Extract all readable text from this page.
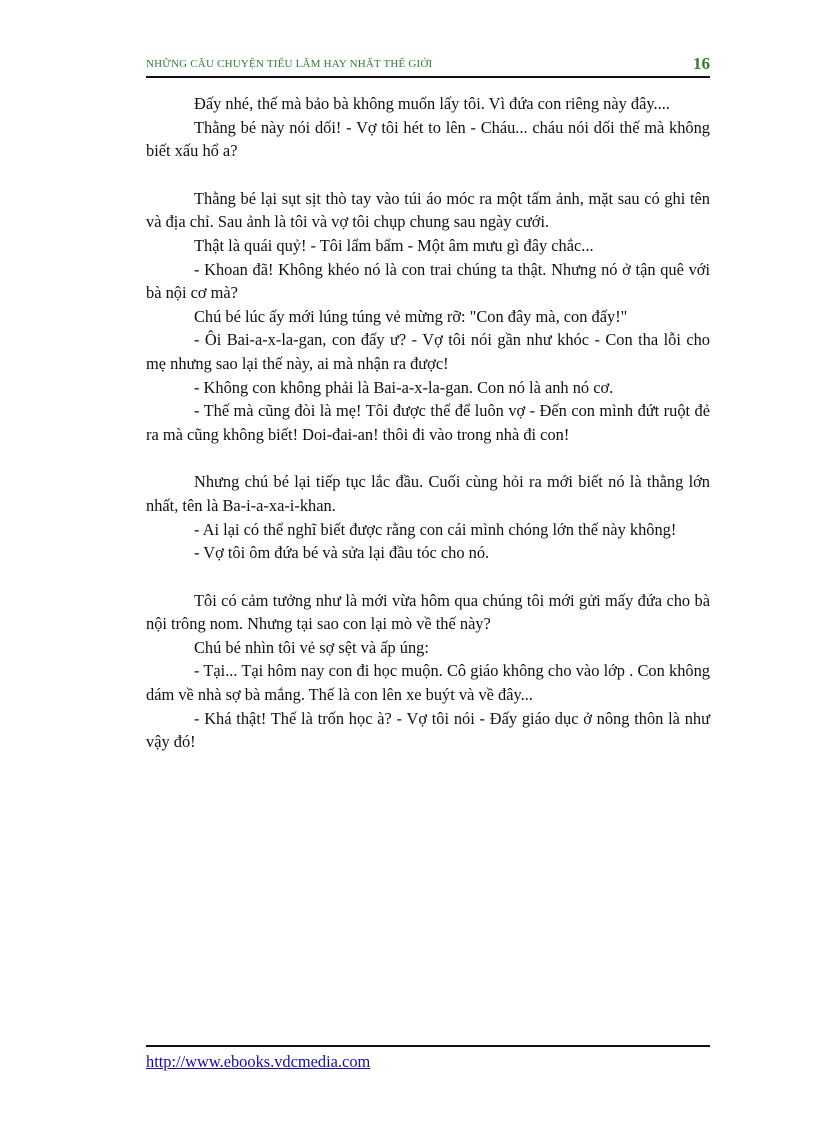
NHỮNG CÂU CHUYỆN TIẾU LÂM HAY NHẤT THẾ GIỚI	16

Đấy nhé, thế mà bảo bà không muốn lấy tôi. Vì đứa con riêng này đây....

Thằng bé này nói dối! - Vợ tôi hét to lên - Cháu... cháu nói dối thế mà không biết xấu hổ a?

Thằng bé lại sụt sịt thò tay vào túi áo móc ra một tấm ảnh, mặt sau có ghi tên và địa chỉ. Sau ảnh là tôi và vợ tôi chụp chung sau ngày cưới.

Thật là quái quỷ! - Tôi lẩm bẩm - Một âm mưu gì đây chắc...

- Khoan đã! Không khéo nó là con trai chúng ta thật. Nhưng nó ở tận quê với bà nội cơ mà?

Chú bé lúc ấy mới lúng túng vẻ mừng rỡ: "Con đây mà, con đấy!"

- Ôi Bai-a-x-la-gan, con đấy ư? - Vợ tôi nói gần như khóc - Con tha lỗi cho mẹ nhưng sao lại thế này, ai mà nhận ra được!

- Không con không phải là Bai-a-x-la-gan. Con nó là anh nó cơ.

- Thế mà cũng đòi là mẹ! Tôi được thể để luôn vợ - Đến con mình đứt ruột đẻ ra mà cũng không biết! Doi-đai-an! thôi đi vào trong nhà đi con!

Nhưng chú bé lại tiếp tục lắc đầu. Cuối cùng hỏi ra mới biết nó là thằng lớn nhất, tên là Ba-i-a-xa-i-khan.

- Ai lại có thể nghĩ biết được rằng con cái mình chóng lớn thế này không!

- Vợ tôi ôm đứa bé và sửa lại đầu tóc cho nó.

Tôi có cảm tưởng như là mới vừa hôm qua chúng tôi mới gửi mấy đứa cho bà nội trông nom. Nhưng tại sao con lại mò về thế này?

Chú bé nhìn tôi vẻ sợ sệt và ấp úng:

- Tại... Tại hôm nay con đi học muộn. Cô giáo không cho vào lớp . Con không dám về nhà sợ bà mắng. Thế là con lên xe buýt và về đây...

- Khá thật! Thế là trốn học à? - Vợ tôi nói - Đấy giáo dục ở nông thôn là như vậy đó!

http://www.ebooks.vdcmedia.com
